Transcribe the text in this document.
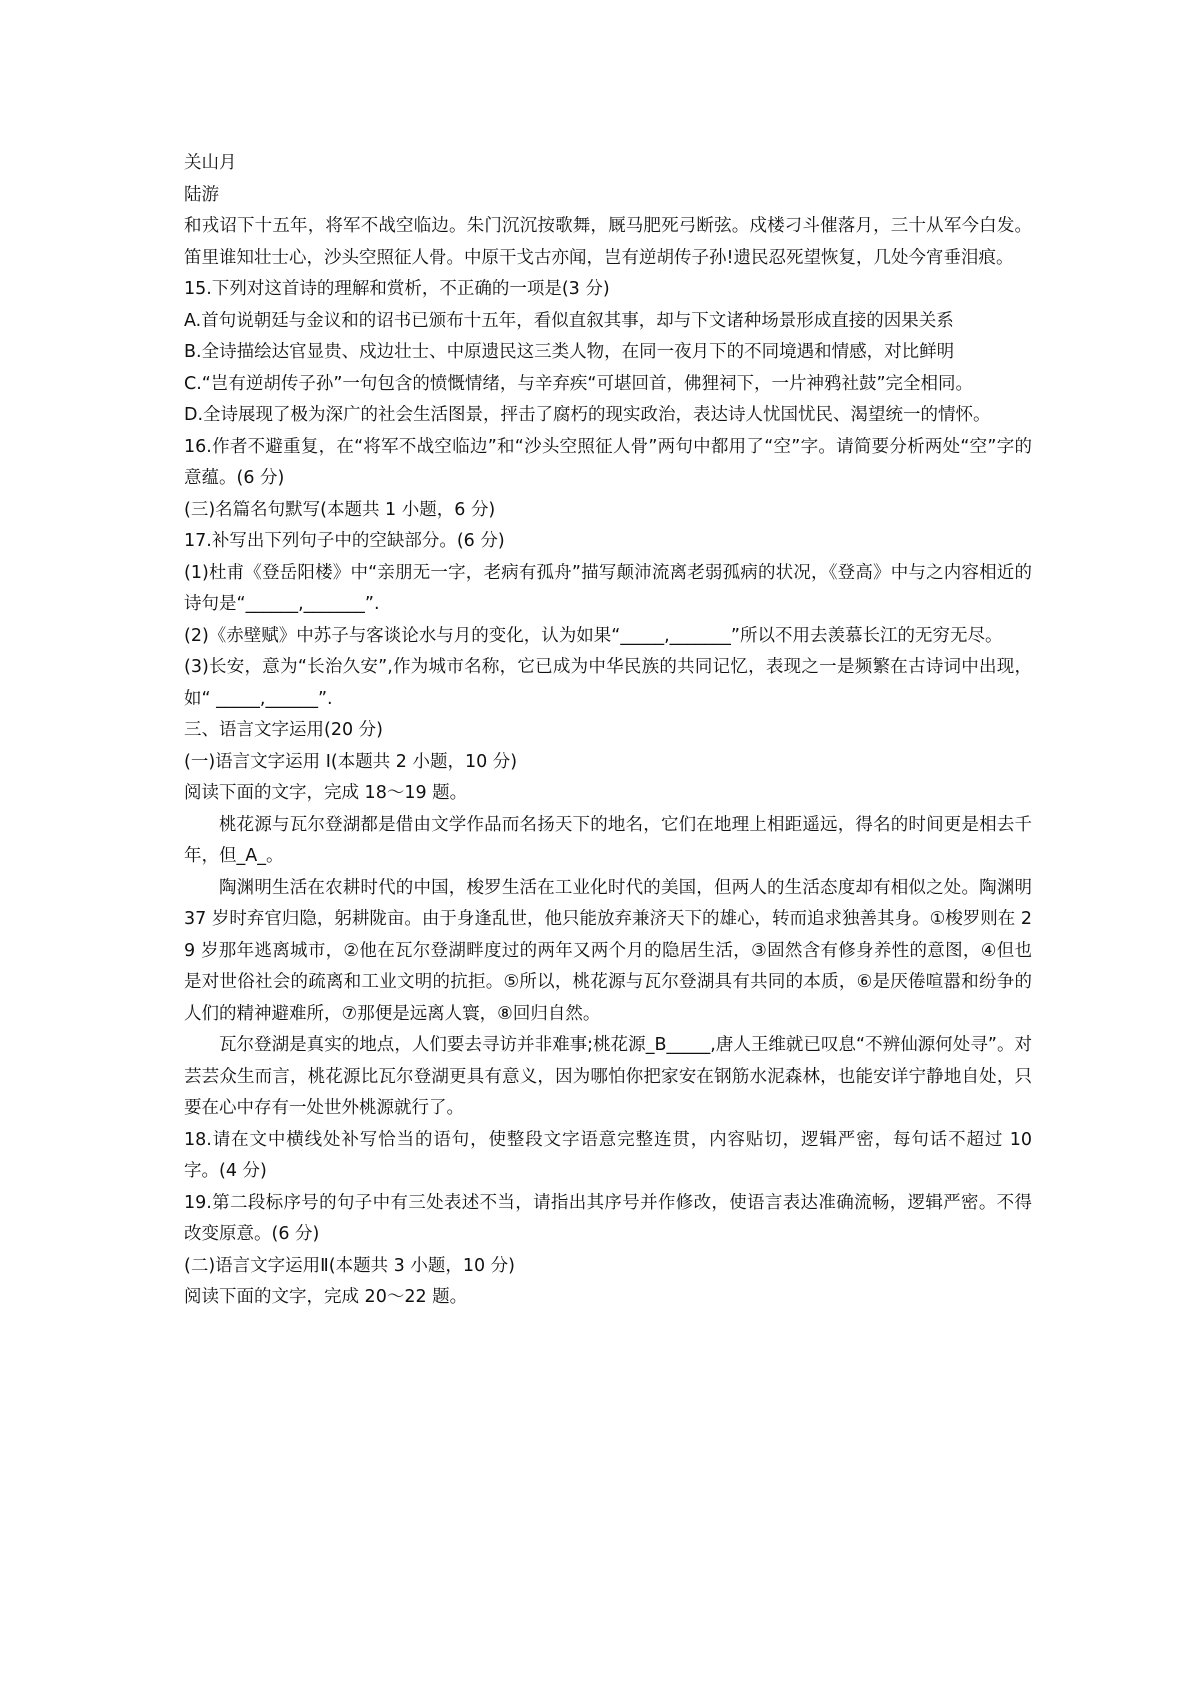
关山月
陆游
和戎诏下十五年，将军不战空临边。朱门沉沉按歌舞，厩马肥死弓断弦。戍楼刁斗催落月，三十从军今白发。笛里谁知壮士心，沙头空照征人骨。中原干戈古亦闻，岂有逆胡传子孙!遗民忍死望恢复，几处今宵垂泪痕。
15.下列对这首诗的理解和赏析，不正确的一项是(3 分)
A.首句说朝廷与金议和的诏书已颁布十五年，看似直叙其事，却与下文诸种场景形成直接的因果关系
B.全诗描绘达官显贵、戍边壮士、中原遗民这三类人物，在同一夜月下的不同境遇和情感，对比鲜明
C.“岂有逆胡传子孙”一句包含的愤慨情绪，与辛弃疾“可堪回首，佛狸祠下，一片神鸦社鼓”完全相同。
D.全诗展现了极为深广的社会生活图景，抨击了腐朽的现实政治，表达诗人忧国忧民、渴望统一的情怀。
16.作者不避重复，在“将军不战空临边”和“沙头空照征人骨”两句中都用了“空”字。请简要分析两处“空”字的意蕴。(6 分)
(三)名篇名句默写(本题共 1 小题，6 分)
17.补写出下列句子中的空缺部分。(6 分)
(1)杜甫《登岳阳楼》中“亲朋无一字，老病有孤舟”描写颠沛流离老弱孤病的状况，《登高》中与之内容相近的诗句是“______,_______”.
(2)《赤壁赋》中苏子与客谈论水与月的变化，认为如果“_____,_______”所以不用去羡慕长江的无穷无尽。
(3)长安，意为“长治久安”,作为城市名称，它已成为中华民族的共同记忆，表现之一是频繁在古诗词中出现，如“ _____,______”.
三、语言文字运用(20 分)
(一)语言文字运用 I(本题共 2 小题，10 分)
阅读下面的文字，完成 18～19 题。
桃花源与瓦尔登湖都是借由文学作品而名扬天下的地名，它们在地理上相距遥远，得名的时间更是相去千年，但_A_。
陶渊明生活在农耕时代的中国，梭罗生活在工业化时代的美国，但两人的生活态度却有相似之处。陶渊明 37 岁时弃官归隐，躬耕陇亩。由于身逢乱世，他只能放弃兼济天下的雄心，转而追求独善其身。①梭罗则在 29 岁那年逃离城市，②他在瓦尔登湖畔度过的两年又两个月的隐居生活，③固然含有修身养性的意图，④但也是对世俗社会的疏离和工业文明的抗拒。⑤所以，桃花源与瓦尔登湖具有共同的本质，⑥是厌倦喧嚣和纷争的人们的精神避难所，⑦那便是远离人寰，⑧回归自然。
瓦尔登湖是真实的地点，人们要去寻访并非难事;桃花源_B_____,唐人王维就已叹息“不辨仙源何处寻”。对芸芸众生而言，桃花源比瓦尔登湖更具有意义，因为哪怕你把家安在钢筋水泥森林，也能安详宁静地自处，只要在心中存有一处世外桃源就行了。
18.请在文中横线处补写恰当的语句，使整段文字语意完整连贯，内容贴切，逻辑严密，每句话不超过 10 字。(4 分)
19.第二段标序号的句子中有三处表述不当，请指出其序号并作修改，使语言表达准确流畅，逻辑严密。不得改变原意。(6 分)
(二)语言文字运用Ⅱ(本题共 3 小题，10 分)
阅读下面的文字，完成 20～22 题。
